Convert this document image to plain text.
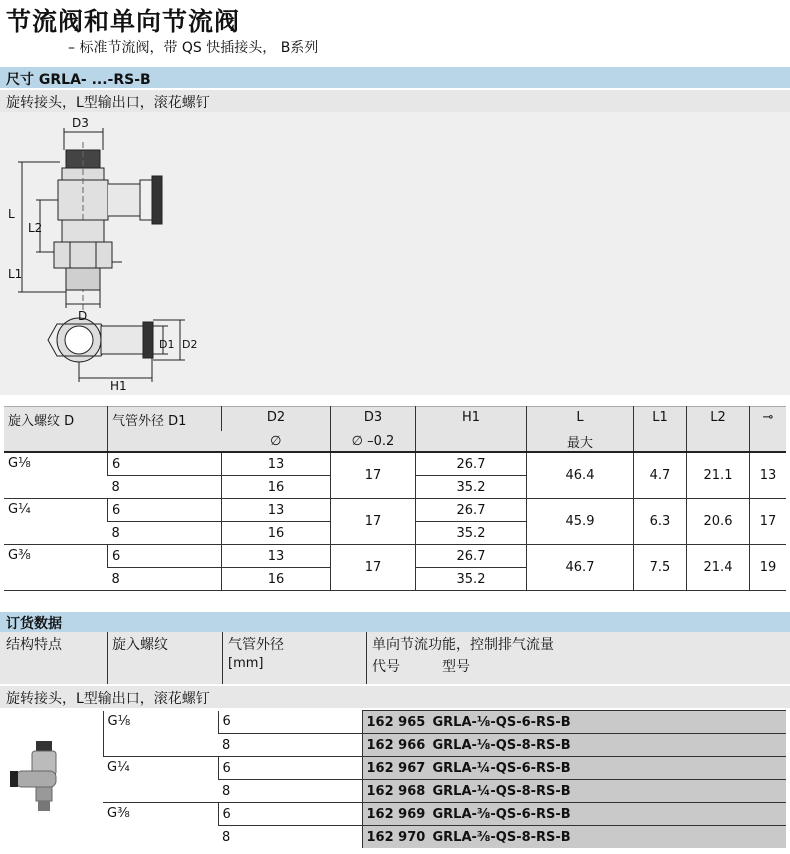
节流阀和单向节流阀
– 标准节流阀，带 QS 快插接头， B系列
尺寸 GRLA- ...-RS-B
旋转接头，L型输出口，滚花螺钉
D3
L
L2
L1
D
D1 D2
H1
旋入螺纹 D	气管外径 D1	D2	D3	H1	L	L1	L2	⊸
		∅	∅ –0.2		最大			
G⅛	6	13	17	26.7	46.4	4.7	21.1	13
	8	16		35.2				
G¼	6	13	17	26.7	45.9	6.3	20.6	17
	8	16		35.2				
G⅜	6	13	17	26.7	46.7	7.5	21.4	19
	8	16		35.2				
订货数据
结构特点	旋入螺纹	气管外径
[mm]
单向节流功能，控制排气流量
代号	型号
旋转接头，L型输出口，滚花螺钉
	G⅛	6	162 965 GRLA-⅛-QS-6-RS-B
		8	162 966 GRLA-⅛-QS-8-RS-B
	G¼	6	162 967 GRLA-¼-QS-6-RS-B
		8	162 968 GRLA-¼-QS-8-RS-B
	G⅜	6	162 969 GRLA-⅜-QS-6-RS-B
		8	162 970 GRLA-⅜-QS-8-RS-B
